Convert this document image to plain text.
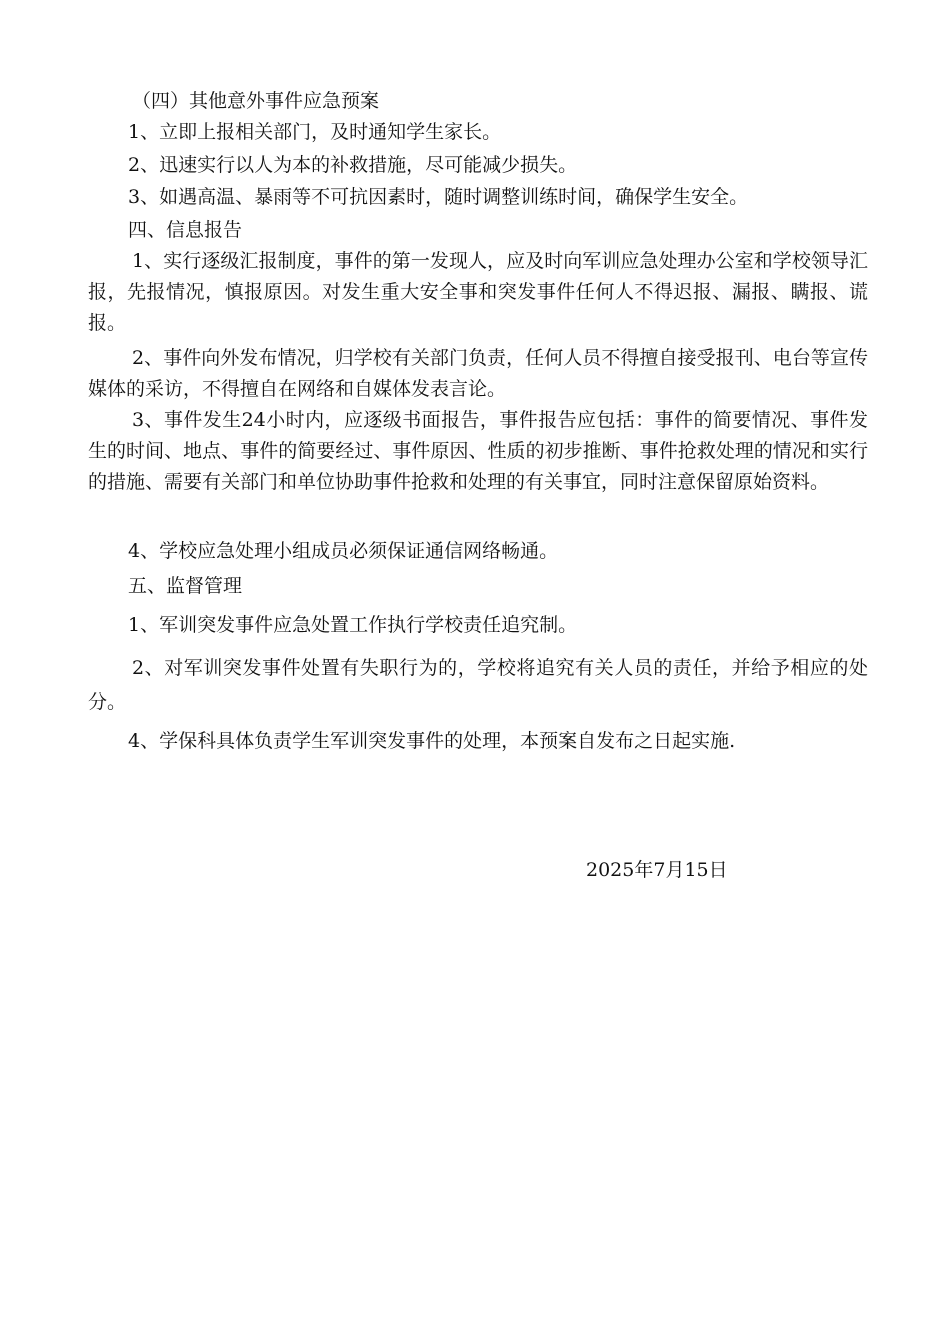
（四）其他意外事件应急预案

1、立即上报相关部门，及时通知学生家长。

2、迅速实行以人为本的补救措施，尽可能减少损失。

3、如遇高温、暴雨等不可抗因素时，随时调整训练时间，确保学生安全。

四、信息报告

1、实行逐级汇报制度，事件的第一发现人，应及时向军训应急处理办公室和学校领导汇报，先报情况，慎报原因。对发生重大安全事和突发事件任何人不得迟报、漏报、瞒报、谎报。

2、事件向外发布情况，归学校有关部门负责，任何人员不得擅自接受报刊、电台等宣传媒体的采访，不得擅自在网络和自媒体发表言论。

3、事件发生24小时内，应逐级书面报告，事件报告应包括：事件的简要情况、事件发生的时间、地点、事件的简要经过、事件原因、性质的初步推断、事件抢救处理的情况和实行的措施、需要有关部门和单位协助事件抢救和处理的有关事宜，同时注意保留原始资料。

4、学校应急处理小组成员必须保证通信网络畅通。

五、监督管理

1、军训突发事件应急处置工作执行学校责任追究制。

2、对军训突发事件处置有失职行为的，学校将追究有关人员的责任，并给予相应的处分。

4、学保科具体负责学生军训突发事件的处理，本预案自发布之日起实施.

2025年7月15日
